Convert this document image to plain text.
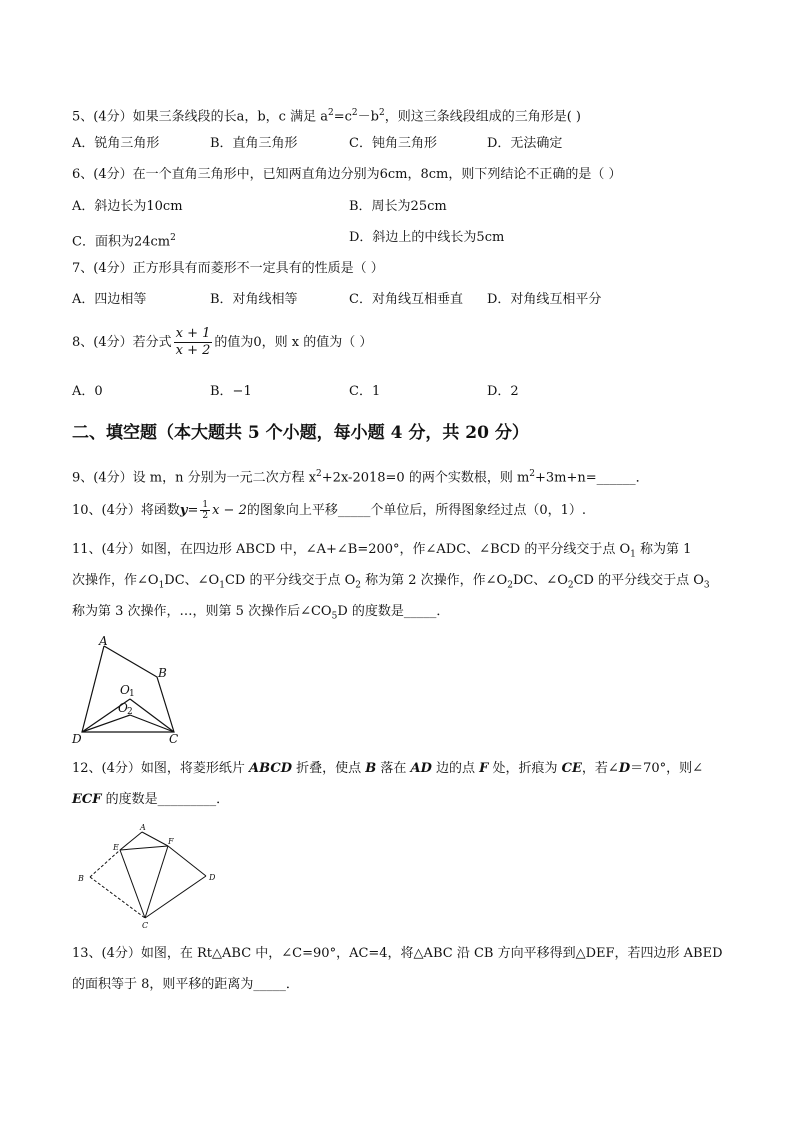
5、(4分）如果三条线段的长a，b，c 满足 $a^2=c^2-b^2$，则这三条线段组成的三角形是( )
A．锐角三角形	B．直角三角形	C．钝角三角形	D．无法确定
6、(4分）在一个直角三角形中，已知两直角边分别为6cm，8cm，则下列结论不正确的是（ ）
A．斜边长为10cm	B．周长为25cm
C．面积为$24cm^2$	D．斜边上的中线长为5cm
7、(4分）正方形具有而菱形不一定具有的性质是（ ）
A．四边相等	B．对角线相等	C．对角线互相垂直 D．对角线互相平分
8、(4分）若分式 $\frac{x + 1}{x + 2}$ 的值为0，则 x 的值为（ ）
A．0	B．−1	C．1	D．2
二、填空题（本大题共 5 个小题，每小题 4 分，共 20 分）
9、(4分）设 m，n 分别为一元二次方程 $x^2+2x-2018=0$ 的两个实数根，则 $m^2+3m+n=\_\_\_\_\_\_$．
10、(4分）将函数$y= \frac{1}{2}$ x − 2的图象向上平移_____个单位后，所得图象经过点（0，1）.
11、(4分）如图，在四边形 ABCD 中，∠A+∠B=200°，作∠ADC、∠BCD 的平分线交于点 $O_1$ 称为第 1
次操作，作$\angle O_1DC$、$\angle O_1CD$ 的平分线交于点 $O_2$ 称为第 2 次操作，作$\angle O_2DC$、$\angle O_2CD$ 的平分线交于点 $O_3$
称为第 3 次操作，…，则第 5 次操作后$\angle CO_5D$ 的度数是_____．
A
B
C
D
O 1
O 2
12、(4分）如图，将菱形纸片 ABCD 折叠，使点 B 落在 AD 边的点 F 处，折痕为 CE，若∠D＝70°，则∠
ECF 的度数是_________．
A
B
C
D
E
F
13、(4分）如图，在 Rt△ABC 中，∠C=90°，AC=4，将△ABC 沿 CB 方向平移得到△DEF，若四边形 ABED
的面积等于 8，则平移的距离为_____．
